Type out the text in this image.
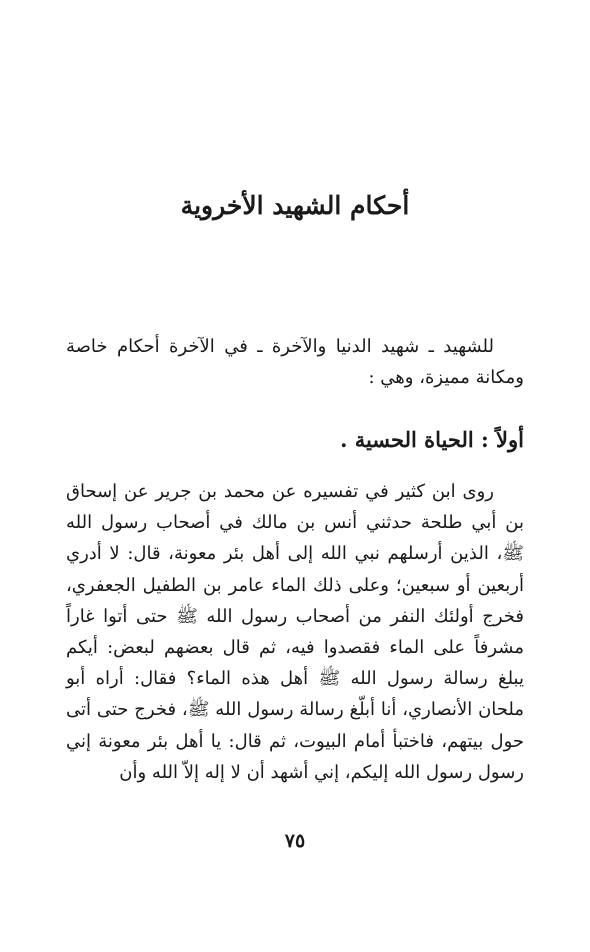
أحكام الشهيد الأخروية
للشهيد ـ شهيد الدنيا والآخرة ـ في الآخرة أحكام خاصة ومكانة مميزة، وهي :
أولاً : الحياة الحسية .
روى ابن كثير في تفسيره عن محمد بن جرير عن إسحاق بن أبي طلحة حدثني أنس بن مالك في أصحاب رسول الله ﷺ، الذين أرسلهم نبي الله إلى أهل بئر معونة، قال: لا أدري أربعين أو سبعين؛ وعلى ذلك الماء عامر بن الطفيل الجعفري، فخرج أولئك النفر من أصحاب رسول الله ﷺ حتى أتوا غاراً مشرفاً على الماء فقصدوا فيه، ثم قال بعضهم لبعض: أيكم يبلغ رسالة رسول الله ﷺ أهل هذه الماء؟ فقال: أراه أبو ملحان الأنصاري، أنا أبلّغ رسالة رسول الله ﷺ، فخرج حتى أتى حول بيتهم، فاختبأ أمام البيوت، ثم قال: يا أهل بئر معونة إني رسول رسول الله إليكم، إني أشهد أن لا إله إلاّ الله وأن
٧٥
